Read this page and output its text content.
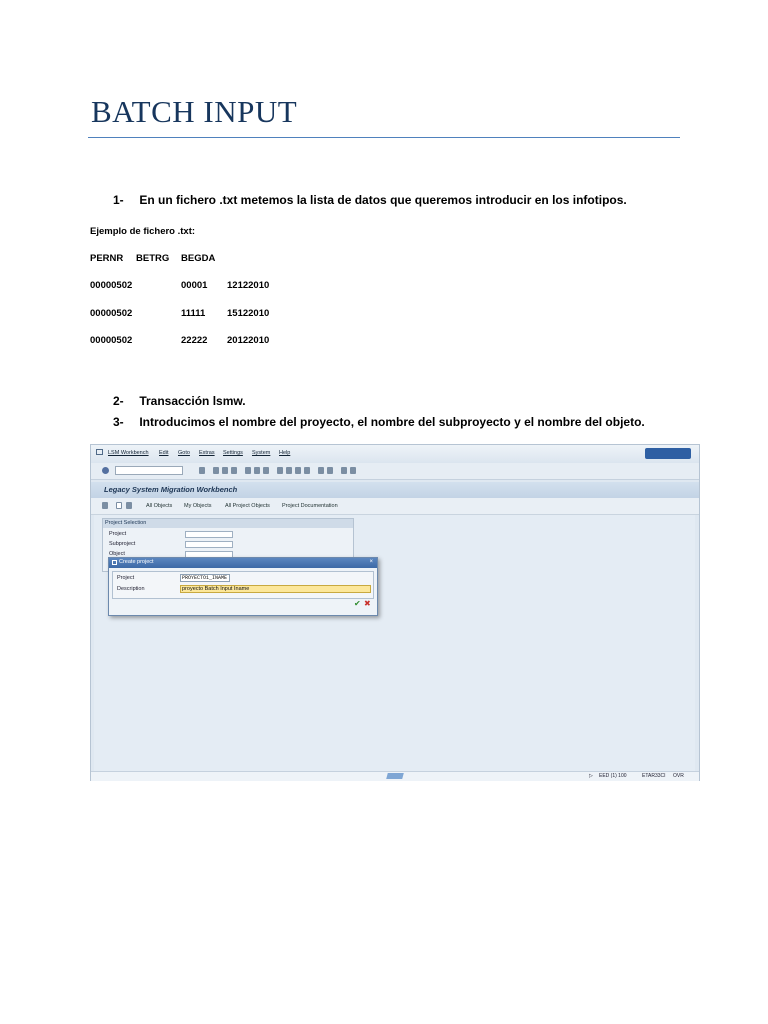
BATCH INPUT
1- En un fichero .txt metemos la lista de datos que queremos introducir en los infotipos.
Ejemplo de fichero .txt:
PERNR BETRG BEGDA
00000502	00001 12122010
00000502	11111 15122010
00000502	22222 20122010
2- Transacción lsmw.
3- Introducimos el nombre del proyecto, el nombre del subproyecto y el nombre del objeto.
LSM Workbench Edit Goto Extras Settings System Help
Legacy System Migration Workbench
All Objects My Objects All Project Objects Project Documentation
Project Selection
Project
Subproject
Object
▷ EED (1) 100	ETAR33CI OVR
Create project	×
Project	PROYECTO1_INAME
Description	proyecto Batch Input Iname
✔ ✖
